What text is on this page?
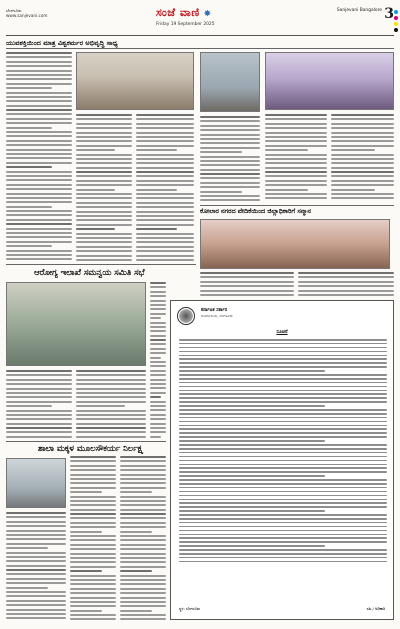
ಬೆಂಗಳೂರು
www.sanjevani.com	ಸಂಜೆ ವಾಣಿ ✸
Friday 19 September 2025
Sanjevani Bangalore 3
ಯುವಶಕ್ತಿಯಿಂದ ಮಾತ್ರ ವಿಶ್ವಕರ್ಮರ ಅಭಿವೃದ್ಧಿ ಸಾಧ್ಯ
ಕೋಲಾರ ನಗರದ ವೇದಿಕೆಯಿಂದ ಜಿಲ್ಲಾಧಿಕಾರಿಗೆ ಸನ್ಮಾನ
ಆರೋಗ್ಯ ಇಲಾಖೆ ಸಮನ್ವಯ ಸಮಿತಿ ಸಭೆ
ಶಾಲಾ ಮಕ್ಕಳ ಮೂಲಸೌಕರ್ಯ ನಿರ್ಲಕ್ಷ್ಯ
ಕರ್ನಾಟಕ ಸರ್ಕಾರ
ಕಾರ್ಯಾಲಯ, ಬೆಂಗಳೂರು
ಸೂಚನೆ
ಸ್ಥಳ: ಬೆಂಗಳೂರು	ಸಹಿ / ಅಧಿಕಾರಿ
